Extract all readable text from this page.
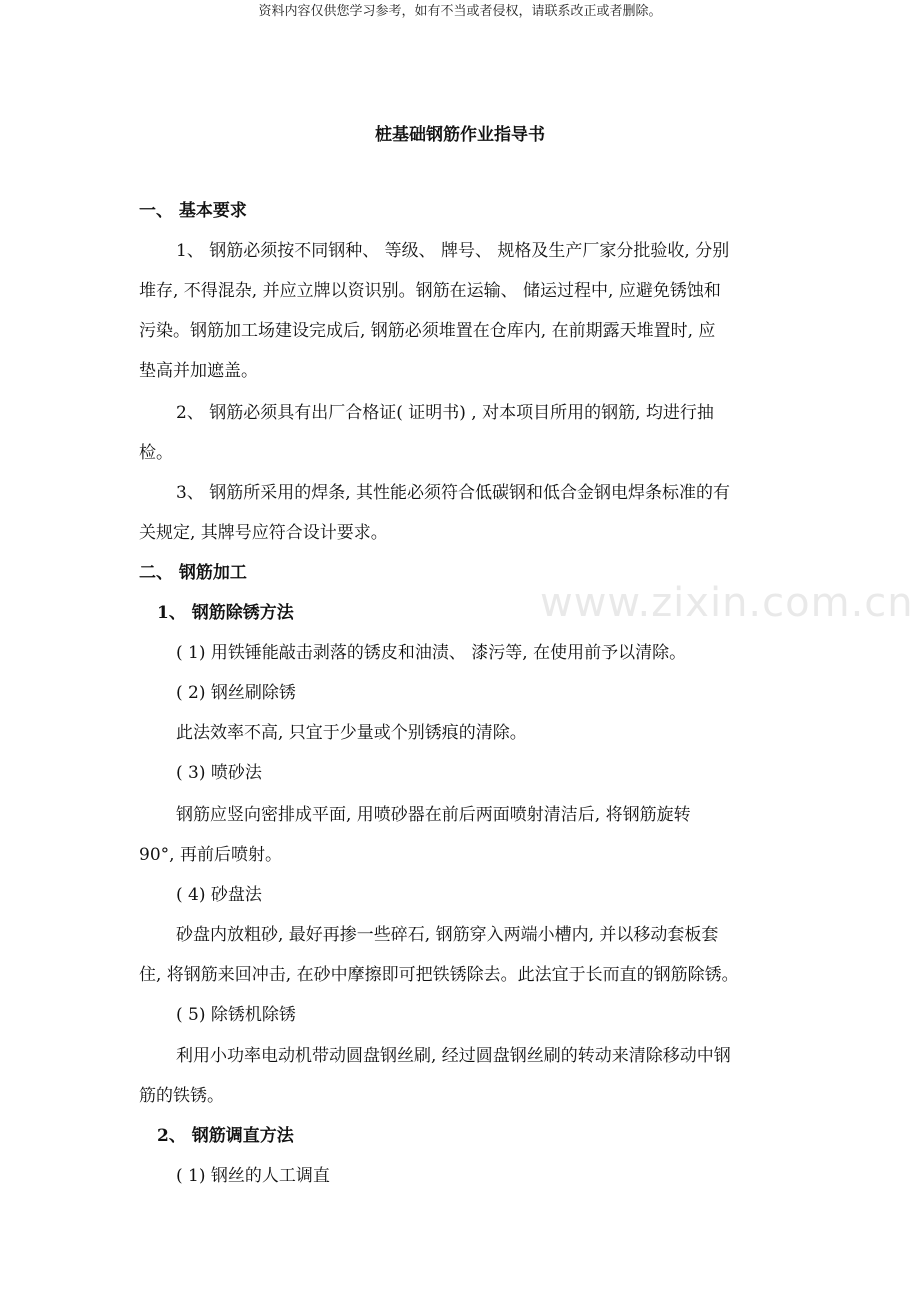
资料内容仅供您学习参考，如有不当或者侵权，请联系改正或者删除。
桩基础钢筋作业指导书
www.zixin.com.cn
一、 基本要求
1、 钢筋必须按不同钢种、 等级、 牌号、 规格及生产厂家分批验收, 分别
堆存, 不得混杂, 并应立牌以资识别。钢筋在运输、 储运过程中, 应避免锈蚀和
污染。钢筋加工场建设完成后, 钢筋必须堆置在仓库内, 在前期露天堆置时, 应
垫高并加遮盖。
2、 钢筋必须具有出厂合格证( 证明书) , 对本项目所用的钢筋, 均进行抽
检。
3、 钢筋所采用的焊条, 其性能必须符合低碳钢和低合金钢电焊条标准的有
关规定, 其牌号应符合设计要求。
二、 钢筋加工
1、 钢筋除锈方法
( 1) 用铁锤能敲击剥落的锈皮和油渍、 漆污等, 在使用前予以清除。
( 2) 钢丝刷除锈
此法效率不高, 只宜于少量或个别锈痕的清除。
( 3) 喷砂法
钢筋应竖向密排成平面, 用喷砂器在前后两面喷射清洁后, 将钢筋旋转
90°, 再前后喷射。
( 4) 砂盘法
砂盘内放粗砂, 最好再掺一些碎石, 钢筋穿入两端小槽内, 并以移动套板套
住, 将钢筋来回冲击, 在砂中摩擦即可把铁锈除去。此法宜于长而直的钢筋除锈。
( 5) 除锈机除锈
利用小功率电动机带动圆盘钢丝刷, 经过圆盘钢丝刷的转动来清除移动中钢
筋的铁锈。
2、 钢筋调直方法
( 1) 钢丝的人工调直
